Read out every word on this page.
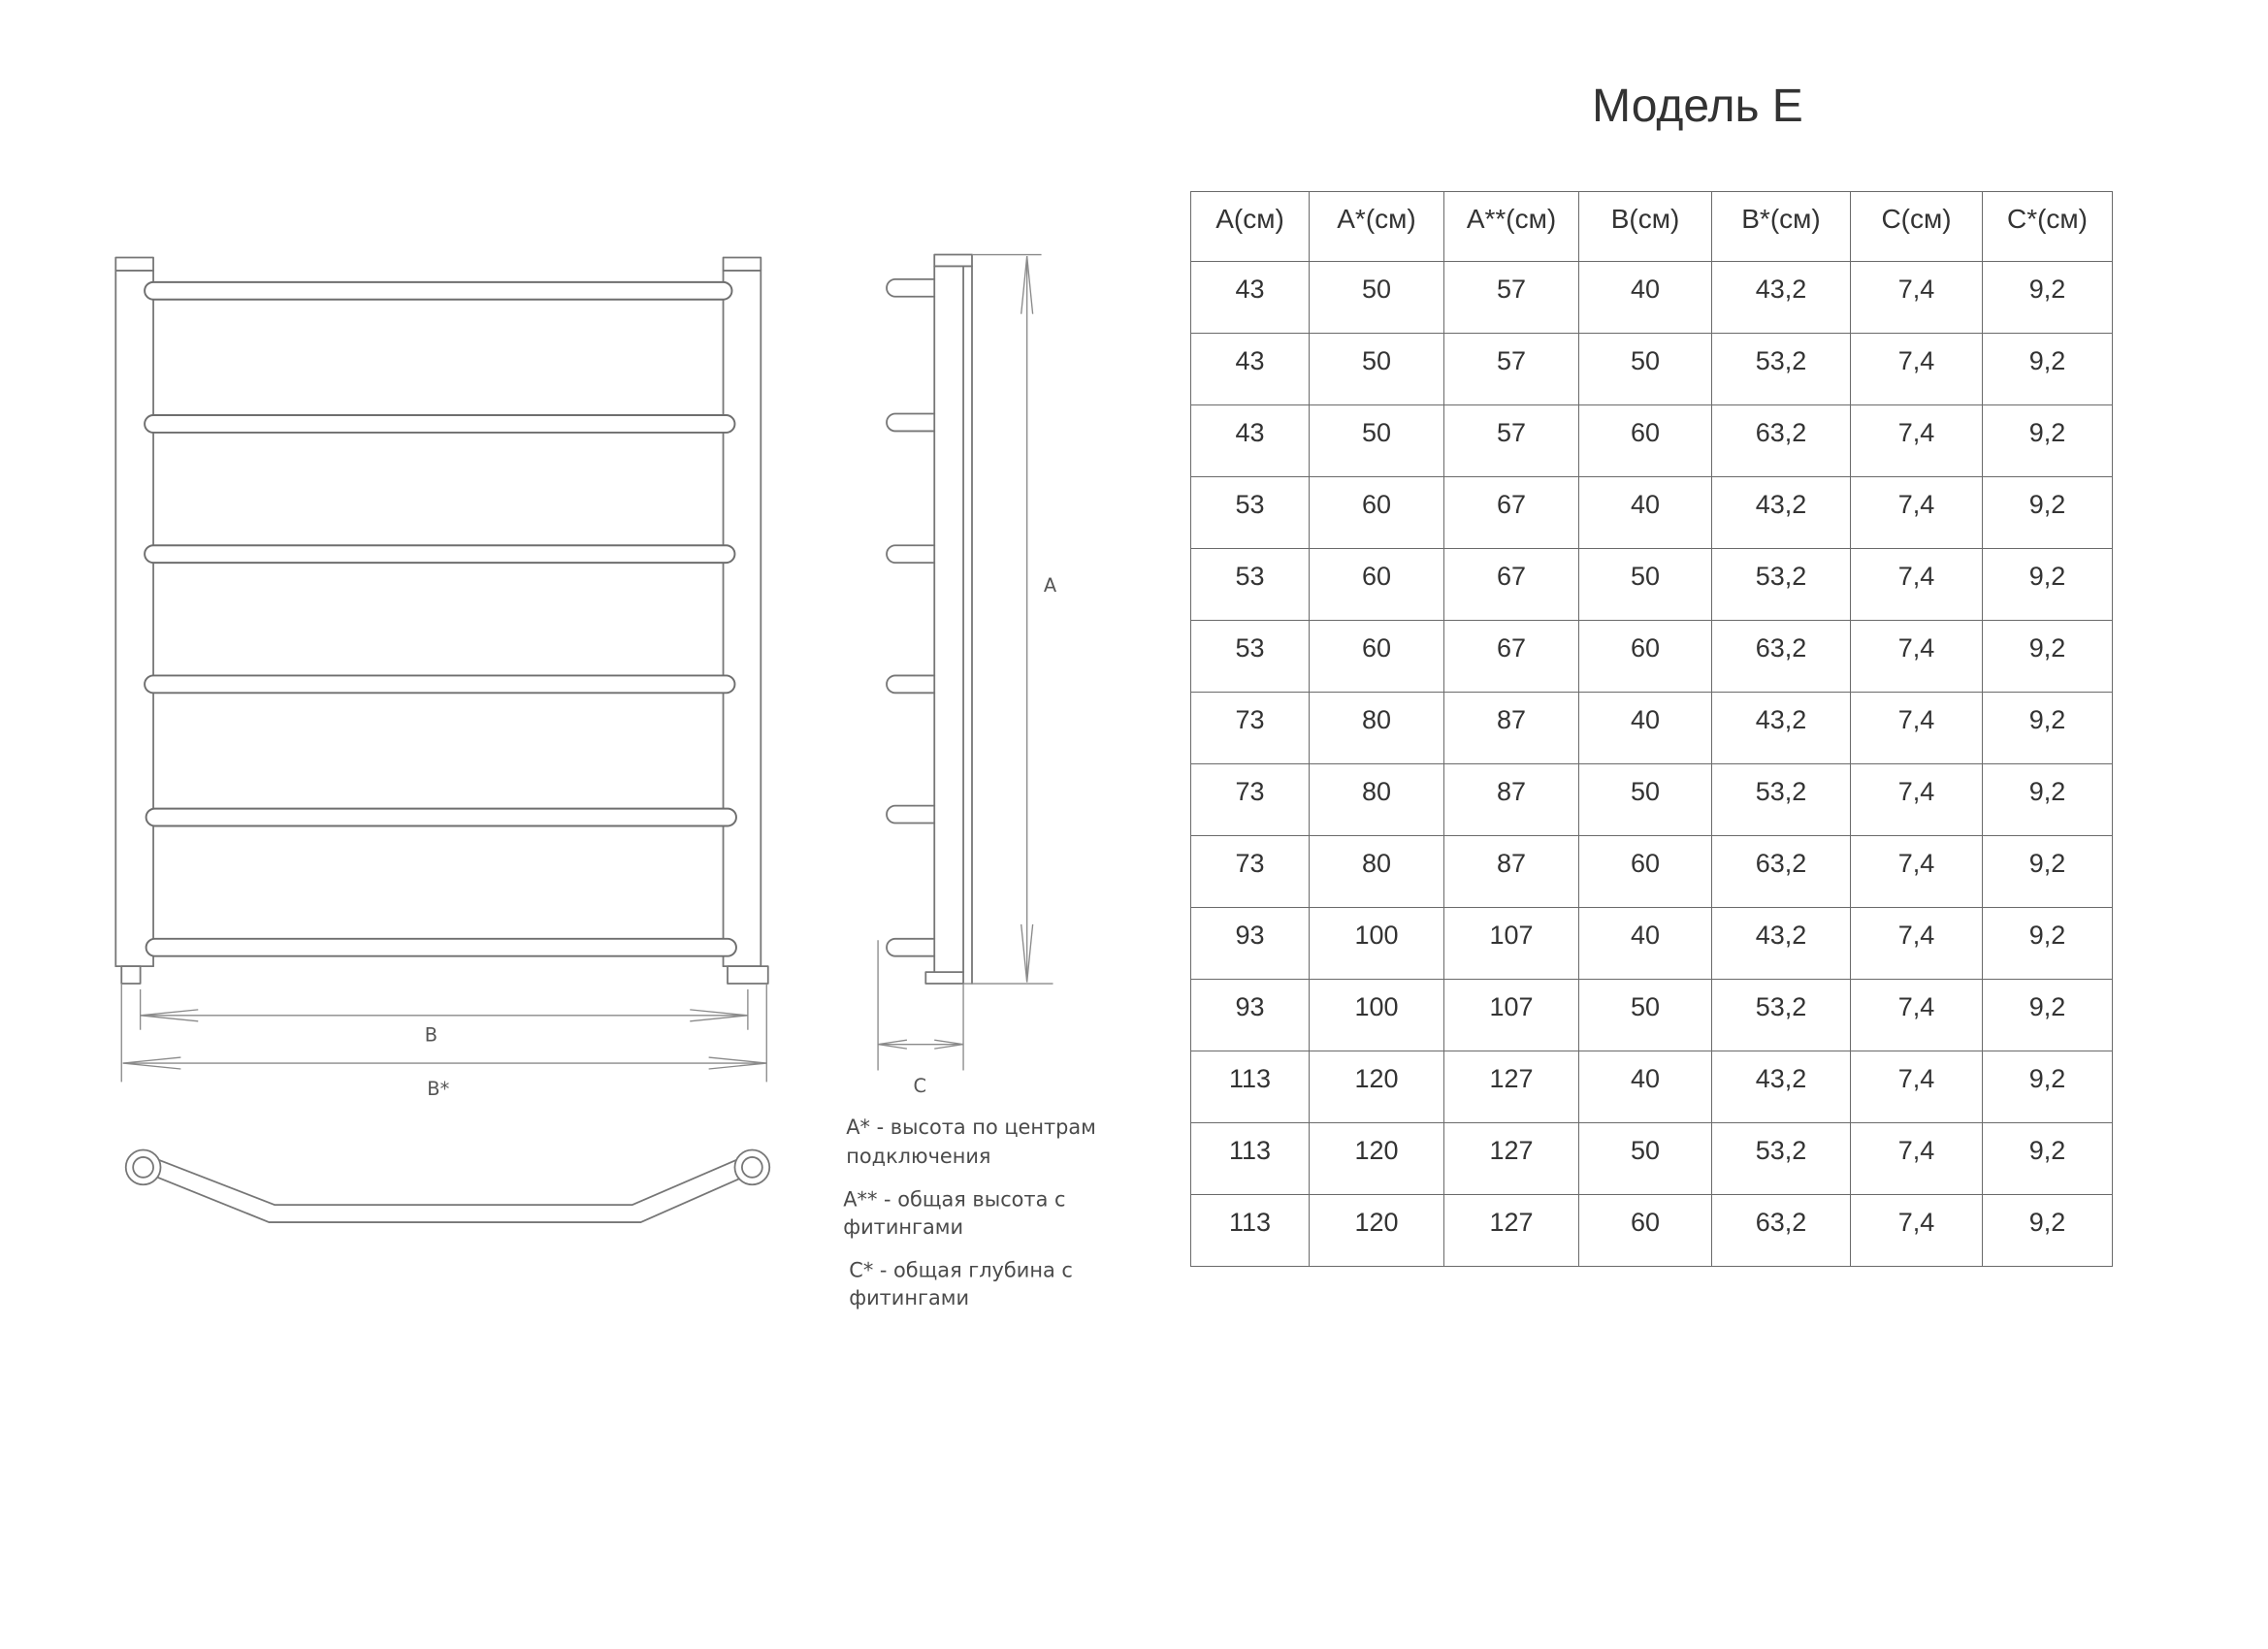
B
B*
A
C
A* - высота по центрам
подключения
A** - общая высота с
фитингами
C* - общая глубина с
фитингами
Модель Е
A(см)	A*(см)	A**(см)	B(см)	B*(см)	C(см)	C*(см)
43	50	57	40	43,2	7,4	9,2
43	50	57	50	53,2	7,4	9,2
43	50	57	60	63,2	7,4	9,2
53	60	67	40	43,2	7,4	9,2
53	60	67	50	53,2	7,4	9,2
53	60	67	60	63,2	7,4	9,2
73	80	87	40	43,2	7,4	9,2
73	80	87	50	53,2	7,4	9,2
73	80	87	60	63,2	7,4	9,2
93	100	107	40	43,2	7,4	9,2
93	100	107	50	53,2	7,4	9,2
113	120	127	40	43,2	7,4	9,2
113	120	127	50	53,2	7,4	9,2
113	120	127	60	63,2	7,4	9,2
